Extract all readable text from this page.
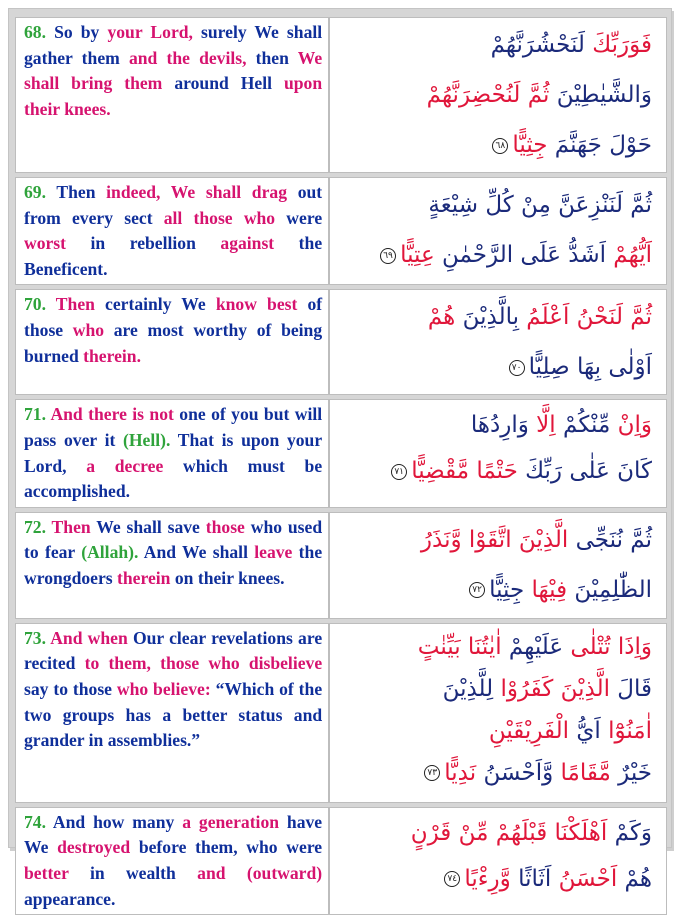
68. So by your Lord, surely We shall gather them and the devils, then We shall bring them around Hell upon their knees.	فَوَرَبِّكَ لَنَحْشُرَنَّهُمْ
وَالشَّيٰطِيْنَ ثُمَّ لَنُحْضِرَنَّهُمْ
حَوْلَ جَهَنَّمَ جِثِيًّا٦٨

69. Then indeed, We shall drag out from every sect all those who were worst in rebellion against the Beneficent.	ثُمَّ لَنَنْزِعَنَّ مِنْ كُلِّ شِيْعَةٍ
اَيُّهُمْ اَشَدُّ عَلَى الرَّحْمٰنِ عِتِيًّا٦٩

70. Then certainly We know best of those who are most worthy of being burned therein.	ثُمَّ لَنَحْنُ اَعْلَمُ بِالَّذِيْنَ هُمْ
اَوْلٰى بِهَا صِلِيًّا٧٠

71. And there is not one of you but will pass over it (Hell). That is upon your Lord, a decree which must be accomplished.	وَاِنْ مِّنْكُمْ اِلَّا وَارِدُهَا
كَانَ عَلٰى رَبِّكَ حَتْمًا مَّقْضِيًّا٧١

72. Then We shall save those who used to fear (Allah). And We shall leave the wrongdoers therein on their knees.	ثُمَّ نُنَجِّى الَّذِيْنَ اتَّقَوْا وَّنَذَرُ
الظّٰلِمِيْنَ فِيْهَا جِثِيًّا٧٢

73. And when Our clear revelations are recited to them, those who disbelieve say to those who believe: “Which of the two groups has a better status and grander in assemblies.”	وَاِذَا تُتْلٰى عَلَيْهِمْ اٰيٰتُنَا بَيِّنٰتٍ
قَالَ الَّذِيْنَ كَفَرُوْا لِلَّذِيْنَ
اٰمَنُوْٓا اَيُّ الْفَرِيْقَيْنِ
خَيْرٌ مَّقَامًا وَّاَحْسَنُ نَدِيًّا٧٣

74. And how many a generation have We destroyed before them, who were better in wealth and (outward) appearance.	وَكَمْ اَهْلَكْنَا قَبْلَهُمْ مِّنْ قَرْنٍ
هُمْ اَحْسَنُ اَثَاثًا وَّرِءْيًا٧٤
